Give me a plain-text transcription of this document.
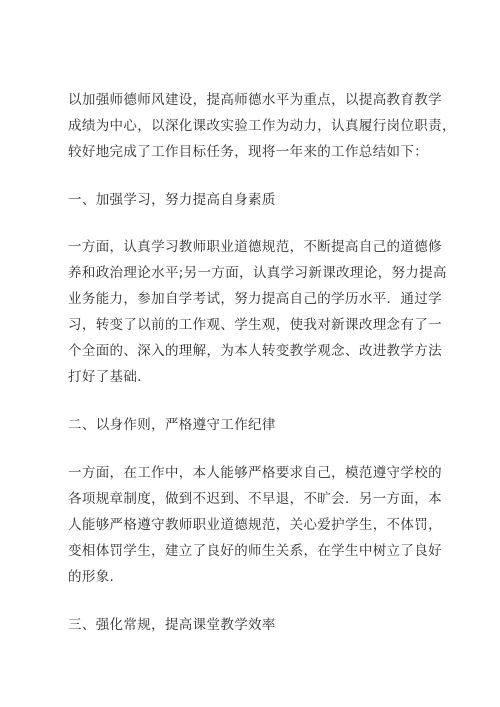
以加强师德师风建设，提高师德水平为重点，以提高教育教学
成绩为中心，以深化课改实验工作为动力，认真履行岗位职责，
较好地完成了工作目标任务，现将一年来的工作总结如下：
一、加强学习，努力提高自身素质
一方面，认真学习教师职业道德规范，不断提高自己的道德修
养和政治理论水平;另一方面，认真学习新课改理论，努力提高
业务能力，参加自学考试，努力提高自己的学历水平．通过学
习，转变了以前的工作观、学生观，使我对新课改理念有了一
个全面的、深入的理解，为本人转变教学观念、改进教学方法
打好了基础.
二、以身作则，严格遵守工作纪律
一方面，在工作中，本人能够严格要求自己，模范遵守学校的
各项规章制度，做到不迟到、不早退，不旷会．另一方面，本
人能够严格遵守教师职业道德规范，关心爱护学生，不体罚，
变相体罚学生，建立了良好的师生关系，在学生中树立了良好
的形象.
三、强化常规，提高课堂教学效率
